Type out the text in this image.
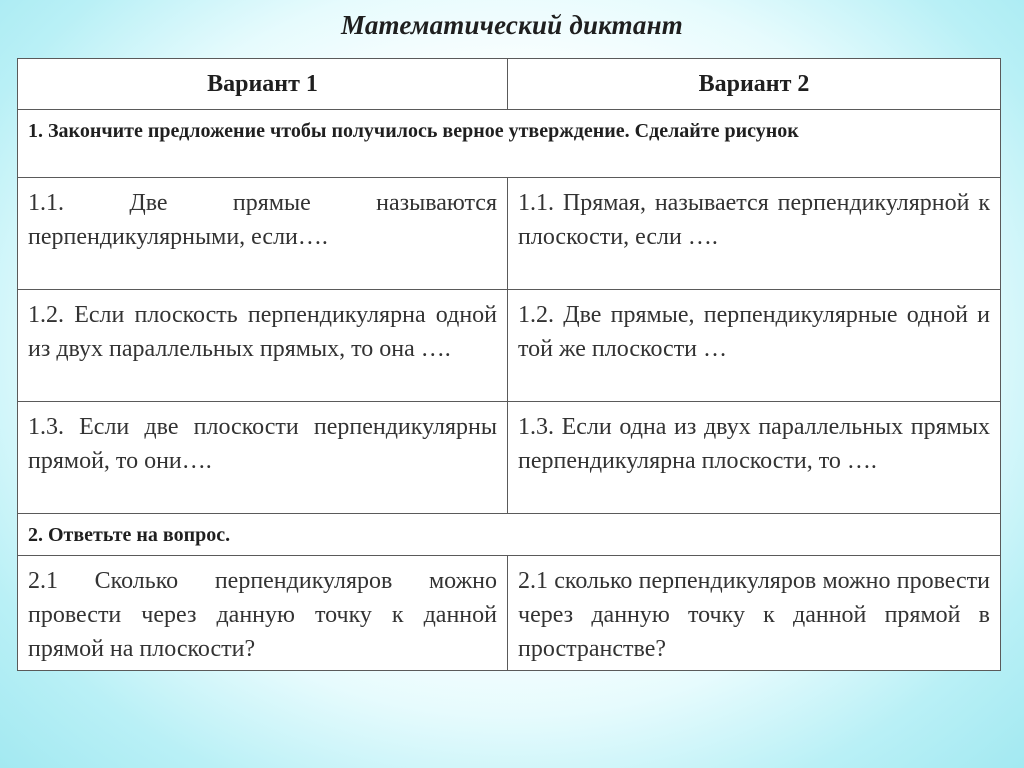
Математический диктант
Вариант 1	Вариант 2
1. Закончите предложение чтобы получилось верное утверждение. Сделайте рисунок	
1.1. Две прямые называются перпендикулярными, если….	1.1. Прямая, называется перпендикулярной к плоскости, если ….
1.2. Если плоскость перпендикулярна одной из двух параллельных прямых, то она ….	1.2. Две прямые, перпендикулярные одной и той же плоскости …
1.3. Если две плоскости перпендикулярны прямой, то они….	1.3. Если одна из двух параллельных прямых перпендикулярна плоскости, то ….
2. Ответьте на вопрос.	
2.1 Сколько перпендикуляров можно провести через данную точку к данной прямой на плоскости?	2.1 сколько перпендикуляров можно провести через данную точку к данной прямой в пространстве?
